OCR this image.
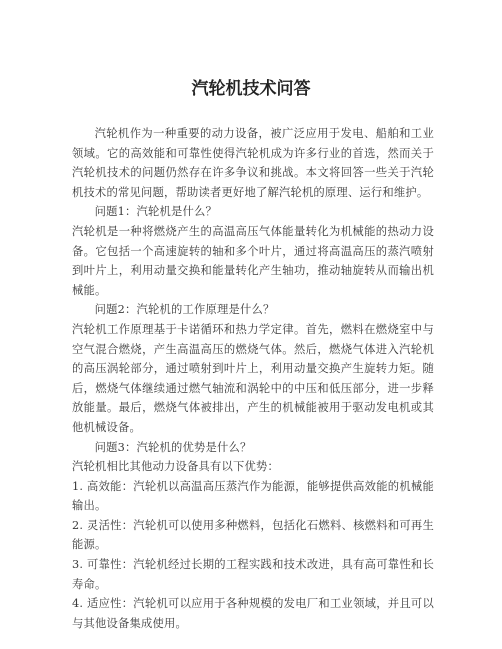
汽轮机技术问答

汽轮机作为一种重要的动力设备，被广泛应用于发电、船舶和工业领域。它的高效能和可靠性使得汽轮机成为许多行业的首选，然而关于汽轮机技术的问题仍然存在许多争议和挑战。本文将回答一些关于汽轮机技术的常见问题，帮助读者更好地了解汽轮机的原理、运行和维护。

问题1：汽轮机是什么？

汽轮机是一种将燃烧产生的高温高压气体能量转化为机械能的热动力设备。它包括一个高速旋转的轴和多个叶片，通过将高温高压的蒸汽喷射到叶片上，利用动量交换和能量转化产生轴功，推动轴旋转从而输出机械能。

问题2：汽轮机的工作原理是什么？

汽轮机工作原理基于卡诺循环和热力学定律。首先，燃料在燃烧室中与空气混合燃烧，产生高温高压的燃烧气体。然后，燃烧气体进入汽轮机的高压涡轮部分，通过喷射到叶片上，利用动量交换产生旋转力矩。随后，燃烧气体继续通过燃气轴流和涡轮中的中压和低压部分，进一步释放能量。最后，燃烧气体被排出，产生的机械能被用于驱动发电机或其他机械设备。

问题3：汽轮机的优势是什么？

汽轮机相比其他动力设备具有以下优势：

1. 高效能：汽轮机以高温高压蒸汽作为能源，能够提供高效能的机械能输出。

2. 灵活性：汽轮机可以使用多种燃料，包括化石燃料、核燃料和可再生能源。

3. 可靠性：汽轮机经过长期的工程实践和技术改进，具有高可靠性和长寿命。

4. 适应性：汽轮机可以应用于各种规模的发电厂和工业领域，并且可以与其他设备集成使用。
